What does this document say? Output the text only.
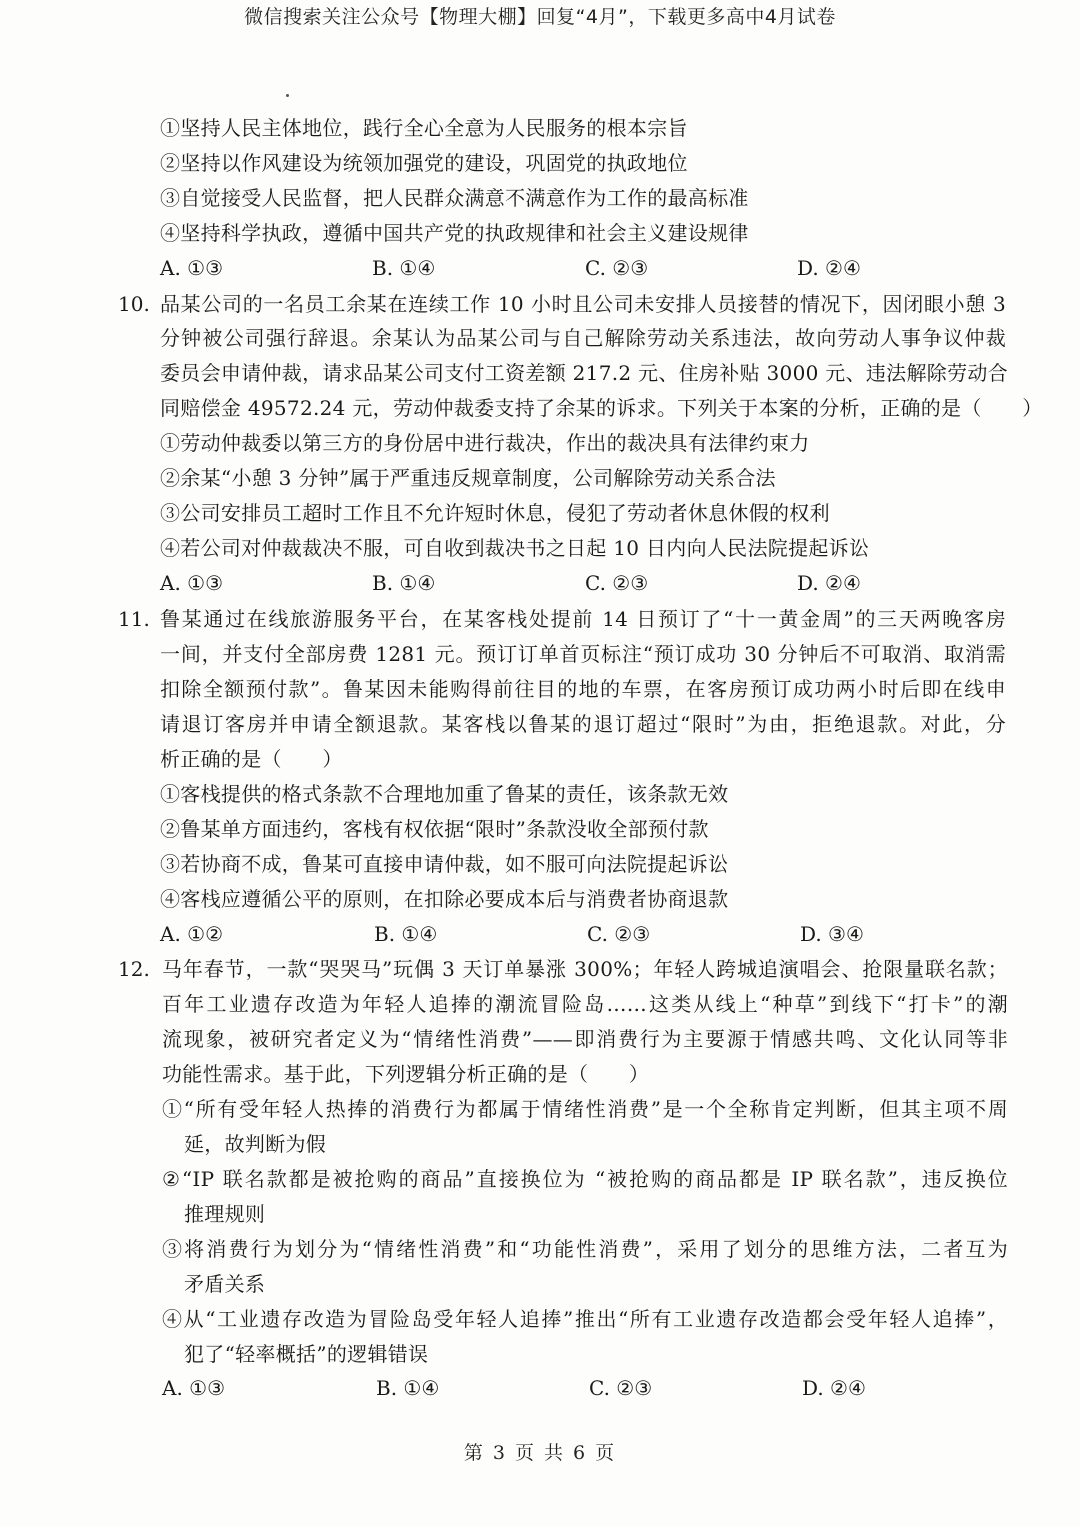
微信搜索关注公众号【物理大棚】回复“4月”，下载更多高中4月试卷
①坚持人民主体地位，践行全心全意为人民服务的根本宗旨
②坚持以作风建设为统领加强党的建设，巩固党的执政地位
③自觉接受人民监督，把人民群众满意不满意作为工作的最高标准
④坚持科学执政，遵循中国共产党的执政规律和社会主义建设规律
A. ①③	B. ①④	C. ②③	D. ②④
10. 品某公司的一名员工余某在连续工作 10 小时且公司未安排人员接替的情况下，因闭眼小憩 3
分钟被公司强行辞退。余某认为品某公司与自己解除劳动关系违法，故向劳动人事争议仲裁
委员会申请仲裁，请求品某公司支付工资差额 217.2 元、住房补贴 3000 元、违法解除劳动合
同赔偿金 49572.24 元，劳动仲裁委支持了余某的诉求。下列关于本案的分析，正确的是（　　）
①劳动仲裁委以第三方的身份居中进行裁决，作出的裁决具有法律约束力
②余某“小憩 3 分钟”属于严重违反规章制度，公司解除劳动关系合法
③公司安排员工超时工作且不允许短时休息，侵犯了劳动者休息休假的权利
④若公司对仲裁裁决不服，可自收到裁决书之日起 10 日内向人民法院提起诉讼
A. ①③	B. ①④	C. ②③	D. ②④
11. 鲁某通过在线旅游服务平台，在某客栈处提前 14 日预订了“十一黄金周”的三天两晚客房
一间，并支付全部房费 1281 元。预订订单首页标注“预订成功 30 分钟后不可取消、取消需
扣除全额预付款”。鲁某因未能购得前往目的地的车票，在客房预订成功两小时后即在线申
请退订客房并申请全额退款。某客栈以鲁某的退订超过“限时”为由，拒绝退款。对此，分
析正确的是（　　）
①客栈提供的格式条款不合理地加重了鲁某的责任，该条款无效
②鲁某单方面违约，客栈有权依据“限时”条款没收全部预付款
③若协商不成，鲁某可直接申请仲裁，如不服可向法院提起诉讼
④客栈应遵循公平的原则，在扣除必要成本后与消费者协商退款
A. ①②	B. ①④	C. ②③	D. ③④
12. 马年春节，一款“哭哭马”玩偶 3 天订单暴涨 300%；年轻人跨城追演唱会、抢限量联名款；
百年工业遗存改造为年轻人追捧的潮流冒险岛……这类从线上“种草”到线下“打卡”的潮
流现象，被研究者定义为“情绪性消费”——即消费行为主要源于情感共鸣、文化认同等非
功能性需求。基于此，下列逻辑分析正确的是（　　）
①“所有受年轻人热捧的消费行为都属于情绪性消费”是一个全称肯定判断，但其主项不周
延，故判断为假
②“IP 联名款都是被抢购的商品”直接换位为 “被抢购的商品都是 IP 联名款”，违反换位
推理规则
③将消费行为划分为“情绪性消费”和“功能性消费”，采用了划分的思维方法，二者互为
矛盾关系
④从“工业遗存改造为冒险岛受年轻人追捧”推出“所有工业遗存改造都会受年轻人追捧”，
犯了“轻率概括”的逻辑错误
A. ①③	B. ①④	C. ②③	D. ②④
第 3 页 共 6 页
